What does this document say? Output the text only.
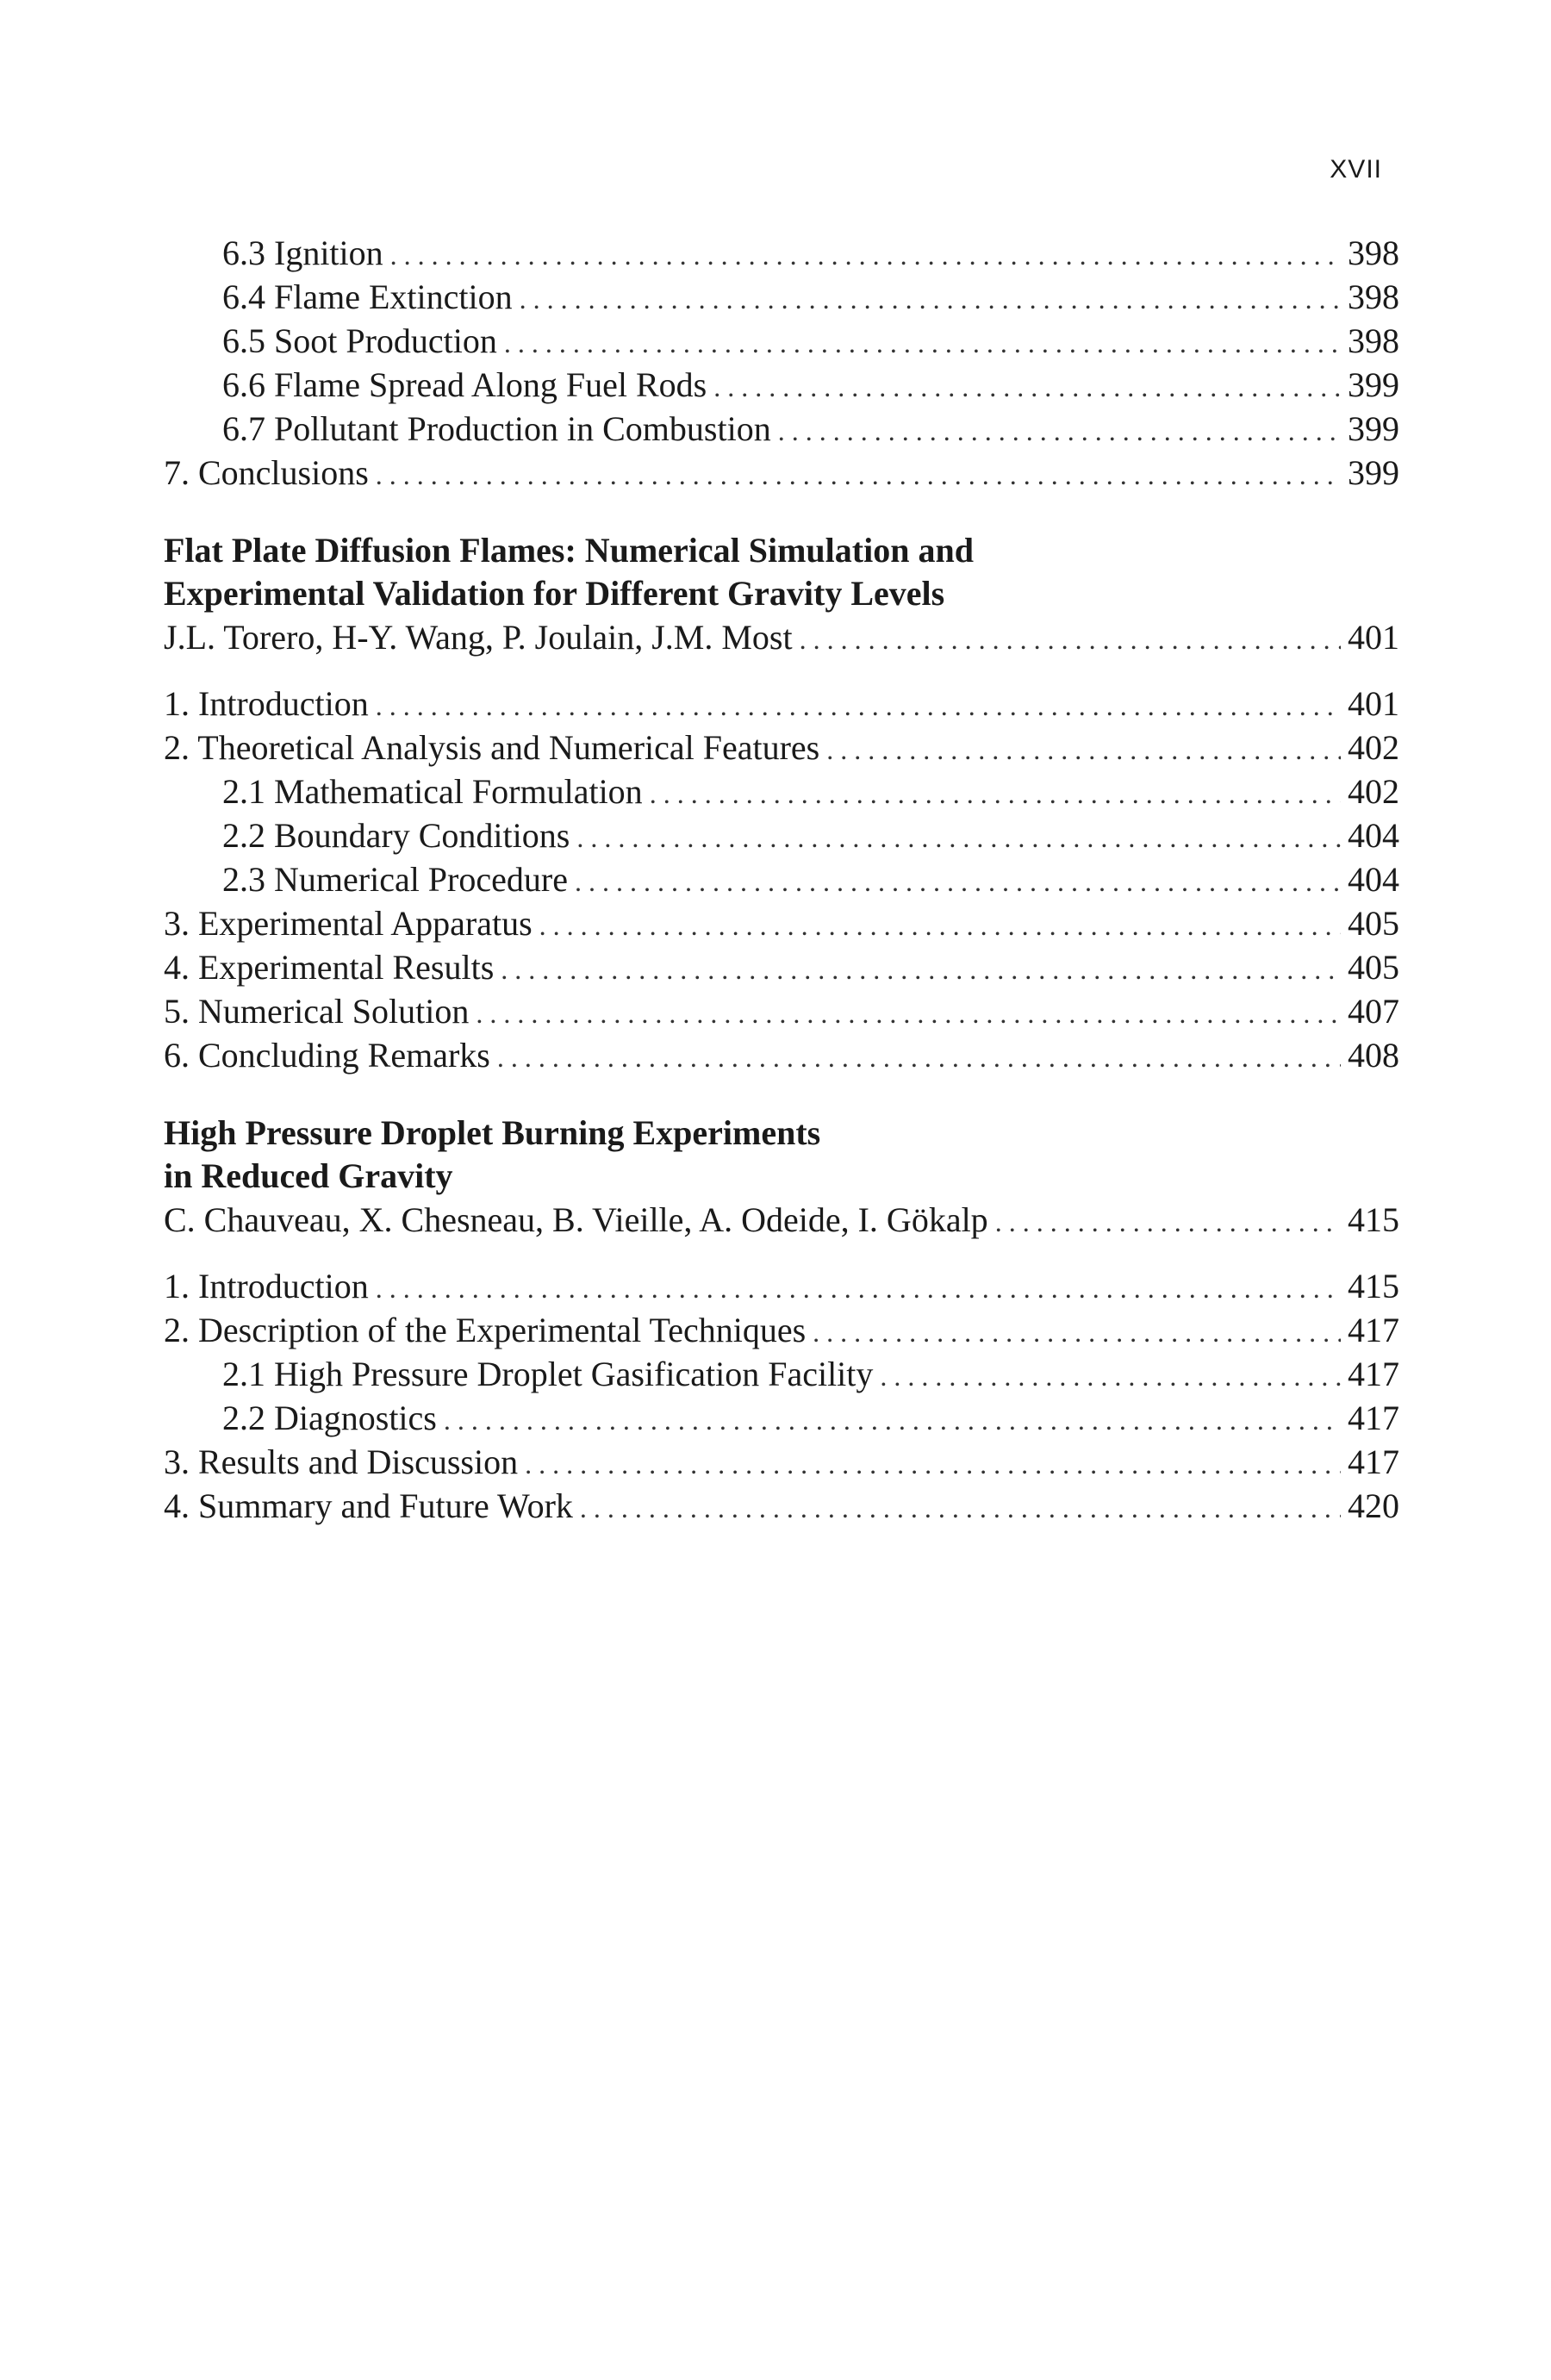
XVII
6.3 Ignition . . .	398
6.4 Flame Extinction . . .	398
6.5 Soot Production . . .	398
6.6 Flame Spread Along Fuel Rods . . .	399
6.7 Pollutant Production in Combustion . . .	399
7. Conclusions . . .	399
Flat Plate Diffusion Flames: Numerical Simulation and
Experimental Validation for Different Gravity Levels
J.L. Torero, H-Y. Wang, P. Joulain, J.M. Most . . .	401
1. Introduction . . .	401
2. Theoretical Analysis and Numerical Features . . .	402
2.1 Mathematical Formulation . . .	402
2.2 Boundary Conditions . . .	404
2.3 Numerical Procedure . . .	404
3. Experimental Apparatus . . .	405
4. Experimental Results . . .	405
5. Numerical Solution . . .	407
6. Concluding Remarks . . .	408
High Pressure Droplet Burning Experiments
in Reduced Gravity
C. Chauveau, X. Chesneau, B. Vieille, A. Odeide, I. Gökalp . . .	415
1. Introduction . . .	415
2. Description of the Experimental Techniques . . .	417
2.1 High Pressure Droplet Gasification Facility . . .	417
2.2 Diagnostics . . .	417
3. Results and Discussion . . .	417
4. Summary and Future Work . . .	420
